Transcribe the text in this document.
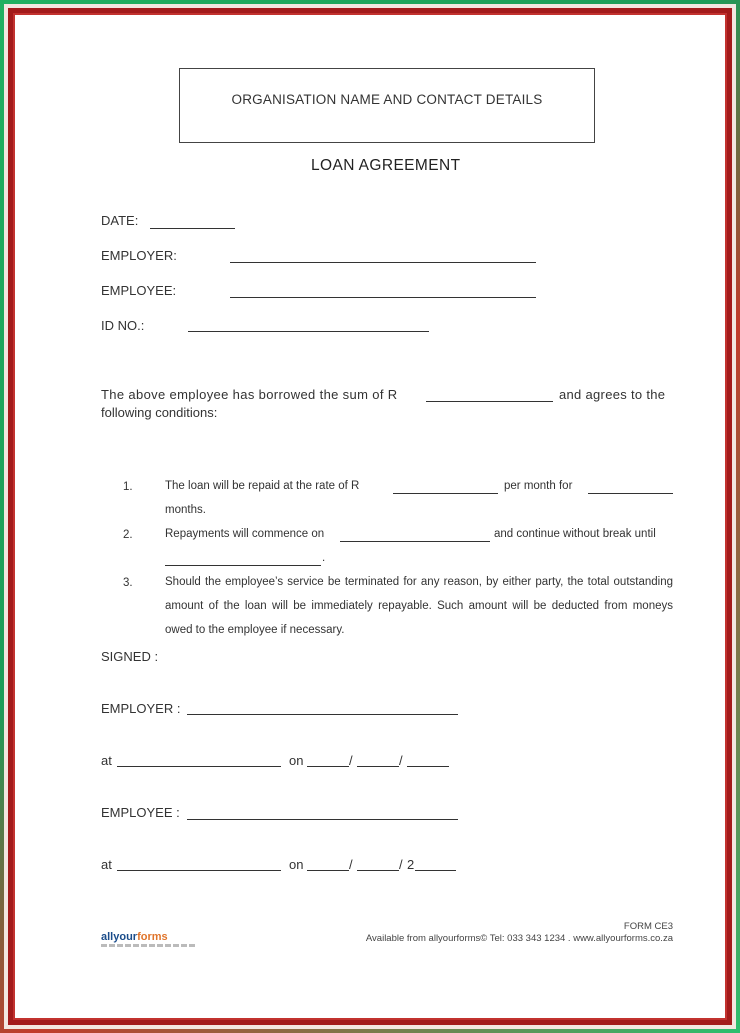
ORGANISATION NAME AND CONTACT DETAILS
LOAN AGREEMENT
DATE:
EMPLOYER:
EMPLOYEE:
ID NO.:
The above employee has borrowed the sum of R	and agrees to the
following conditions:
1.	The loan will be repaid at the rate of R	per month for
months.
2.	Repayments will commence on	and continue without break until
.
3.	Should the employee’s service be terminated for any reason, by either party, the total outstanding amount of the loan will be immediately repayable. Such amount will be deducted from moneys owed to the employee if necessary.
SIGNED :
EMPLOYER :
at	on	/	/
EMPLOYEE :
at	on	/	/ 2
allyourforms
FORM CE3
Available from allyourforms© Tel: 033 343 1234 . www.allyourforms.co.za
